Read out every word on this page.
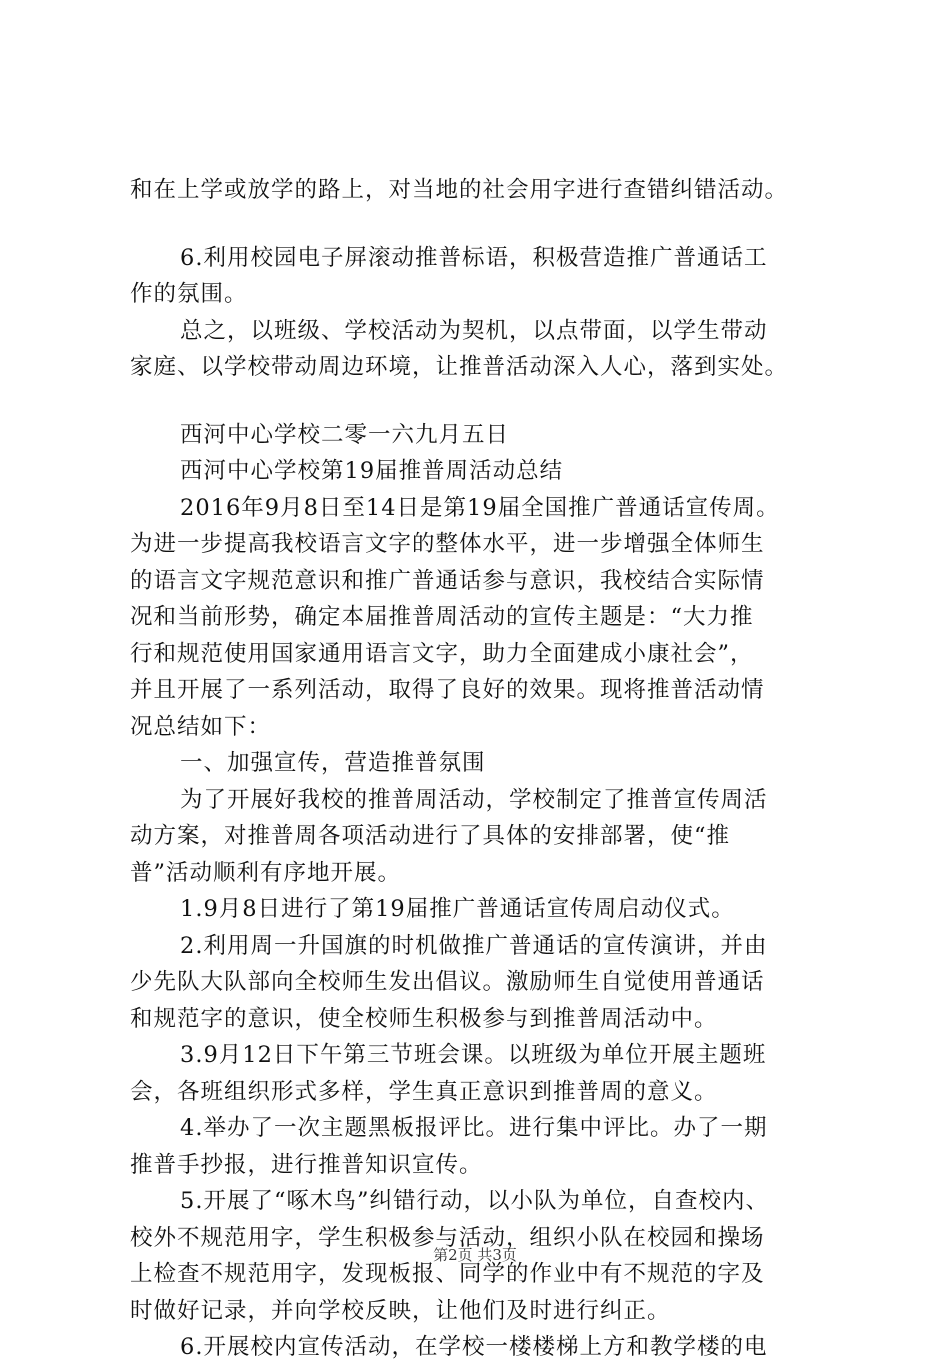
和在上学或放学的路上，对当地的社会用字进行查错纠错活动。
6.利用校园电子屏滚动推普标语，积极营造推广普通话工
作的氛围。
总之，以班级、学校活动为契机，以点带面，以学生带动
家庭、以学校带动周边环境，让推普活动深入人心，落到实处。
西河中心学校二零一六九月五日
西河中心学校第19届推普周活动总结
2016年9月8日至14日是第19届全国推广普通话宣传周。
为进一步提高我校语言文字的整体水平，进一步增强全体师生
的语言文字规范意识和推广普通话参与意识，我校结合实际情
况和当前形势，确定本届推普周活动的宣传主题是：“大力推
行和规范使用国家通用语言文字，助力全面建成小康社会”，
并且开展了一系列活动，取得了良好的效果。现将推普活动情
况总结如下：
一、加强宣传，营造推普氛围
为了开展好我校的推普周活动，学校制定了推普宣传周活
动方案，对推普周各项活动进行了具体的安排部署，使“推
普”活动顺利有序地开展。
1.9月8日进行了第19届推广普通话宣传周启动仪式。
2.利用周一升国旗的时机做推广普通话的宣传演讲，并由
少先队大队部向全校师生发出倡议。激励师生自觉使用普通话
和规范字的意识，使全校师生积极参与到推普周活动中。
3.9月12日下午第三节班会课。以班级为单位开展主题班
会，各班组织形式多样，学生真正意识到推普周的意义。
4.举办了一次主题黑板报评比。进行集中评比。办了一期
推普手抄报，进行推普知识宣传。
5.开展了“啄木鸟”纠错行动，以小队为单位，自查校内、
校外不规范用字，学生积极参与活动，组织小队在校园和操场
上检查不规范用字，发现板报、同学的作业中有不规范的字及
时做好记录，并向学校反映，让他们及时进行纠正。
6.开展校内宣传活动，在学校一楼楼梯上方和教学楼的电
第2页 共3页
